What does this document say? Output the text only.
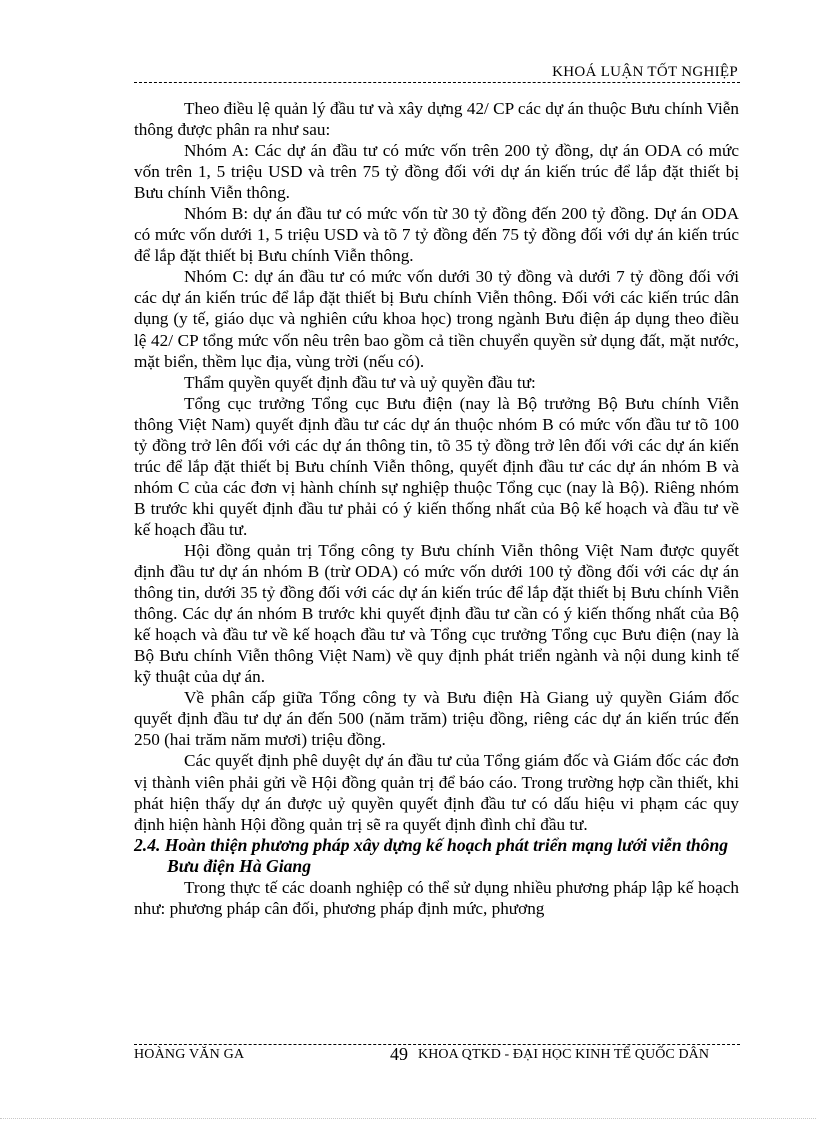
KHOÁ LUẬN TỐT NGHIỆP

Theo điều lệ quản lý đầu tư và xây dựng 42/ CP các dự án thuộc Bưu chính Viễn thông được phân ra như sau:

Nhóm A: Các dự án đầu tư có mức vốn trên 200 tỷ đồng, dự án ODA có mức vốn trên 1, 5 triệu USD và trên 75 tỷ đồng đối với dự án kiến trúc để lắp đặt thiết bị Bưu chính Viễn thông.

Nhóm B: dự án đầu tư có mức vốn từ 30 tỷ đồng đến 200 tỷ đồng. Dự án ODA có mức vốn dưới 1, 5 triệu USD và tõ 7 tỷ đồng đến 75 tỷ đồng đối với dự án kiến trúc để lắp đặt thiết bị Bưu chính Viễn thông.

Nhóm C: dự án đầu tư có mức vốn dưới 30 tỷ đồng và dưới 7 tỷ đồng đối với các dự án kiến trúc để lắp đặt thiết bị Bưu chính Viễn thông. Đối với các kiến trúc dân dụng (y tế, giáo dục và nghiên cứu khoa học) trong ngành Bưu điện áp dụng theo điều lệ 42/ CP tổng mức vốn nêu trên bao gồm cả tiền chuyển quyền sử dụng đất, mặt nước, mặt biển, thềm lục địa, vùng trời (nếu có).

Thẩm quyền quyết định đầu tư và uỷ quyền đầu tư:

Tổng cục trưởng Tổng cục Bưu điện (nay là Bộ trưởng Bộ Bưu chính Viễn thông Việt Nam) quyết định đầu tư các dự án thuộc nhóm B có mức vốn đầu tư tõ 100 tỷ đồng trở lên đối với các dự án thông tin, tõ 35 tỷ đồng trở lên đối với các dự án kiến trúc để lắp đặt thiết bị Bưu chính Viễn thông, quyết định đầu tư các dự án nhóm B và nhóm C của các đơn vị hành chính sự nghiệp thuộc Tổng cục (nay là Bộ). Riêng nhóm B trước khi quyết định đầu tư phải có ý kiến thống nhất của Bộ kế hoạch và đầu tư về kế hoạch đầu tư.

Hội đồng quản trị Tổng công ty Bưu chính Viễn thông Việt Nam được quyết định đầu tư dự án nhóm B (trừ ODA) có mức vốn dưới 100 tỷ đồng đối với các dự án thông tin, dưới 35 tỷ đồng đối với các dự án kiến trúc để lắp đặt thiết bị Bưu chính Viễn thông. Các dự án nhóm B trước khi quyết định đầu tư cần có ý kiến thống nhất của Bộ kế hoạch và đầu tư về kế hoạch đầu tư và Tổng cục trưởng Tổng cục Bưu điện (nay là Bộ Bưu chính Viễn thông Việt Nam) về quy định phát triển ngành và nội dung kinh tế kỹ thuật của dự án.

Về phân cấp giữa Tổng công ty và Bưu điện Hà Giang uỷ quyền Giám đốc quyết định đầu tư dự án đến 500 (năm trăm) triệu đồng, riêng các dự án kiến trúc đến 250 (hai trăm năm mươi) triệu đồng.

Các quyết định phê duyệt dự án đầu tư của Tổng giám đốc và Giám đốc các đơn vị thành viên phải gửi về Hội đồng quản trị để báo cáo. Trong trường hợp cần thiết, khi phát hiện thấy dự án được uỷ quyền quyết định đầu tư có dấu hiệu vi phạm các quy định hiện hành Hội đồng quản trị sẽ ra quyết định đình chỉ đầu tư.

2.4. Hoàn thiện phương pháp xây dựng kế hoạch phát triển mạng lưới viễn thông Bưu điện Hà Giang

Trong thực tế các doanh nghiệp có thể sử dụng nhiều phương pháp lập kế hoạch như: phương pháp cân đối, phương pháp định mức, phương

HOÀNG VĂN GA	49 KHOA QTKD - ĐẠI HỌC KINH TẾ QUỐC DÂN
